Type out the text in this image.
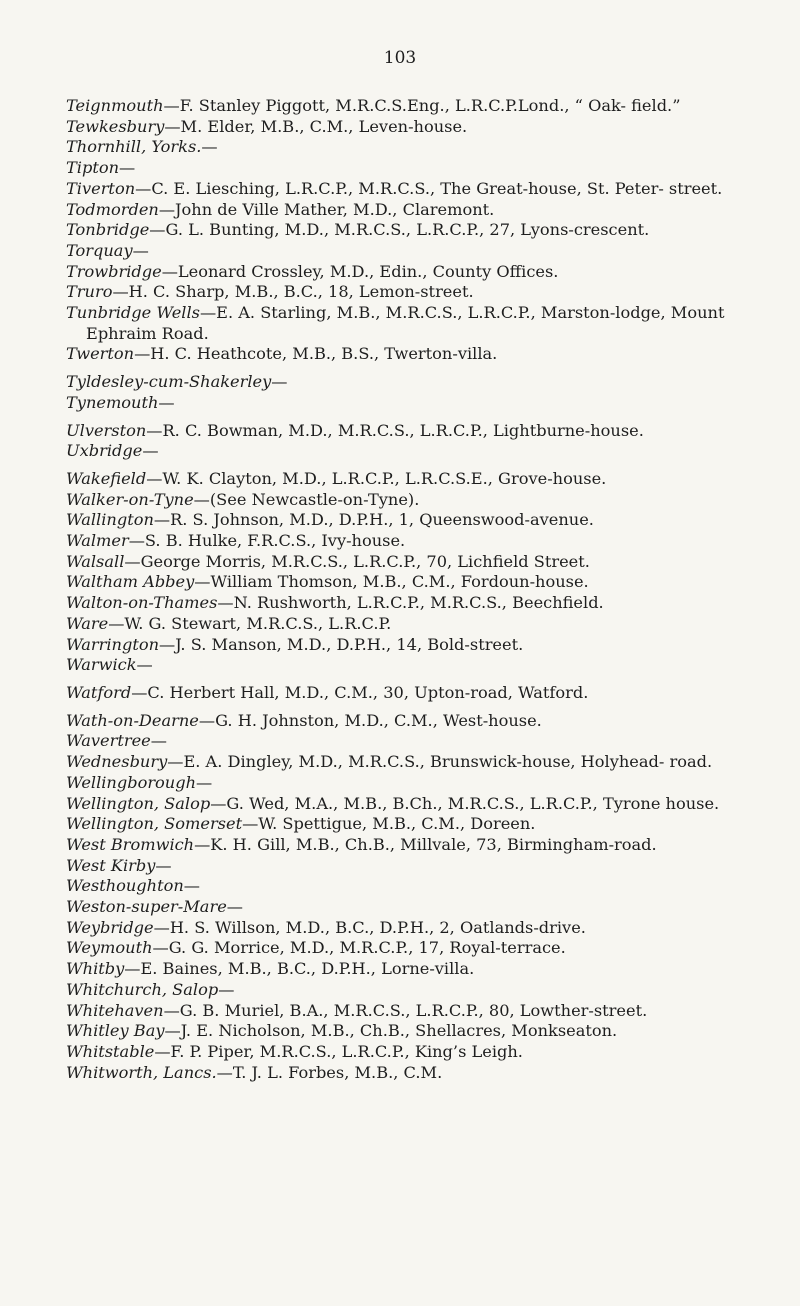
103
Teignmouth—F. Stanley Piggott, M.R.C.S.Eng., L.R.C.P.Lond., “ Oak- field.”
Tewkesbury—M. Elder, M.B., C.M., Leven-house.
Thornhill, Yorks.—
Tipton—
Tiverton—C. E. Liesching, L.R.C.P., M.R.C.S., The Great-house, St. Peter- street.
Todmorden—John de Ville Mather, M.D., Claremont.
Tonbridge—G. L. Bunting, M.D., M.R.C.S., L.R.C.P., 27, Lyons-crescent.
Torquay—
Trowbridge—Leonard Crossley, M.D., Edin., County Offices.
Truro—H. C. Sharp, M.B., B.C., 18, Lemon-street.
Tunbridge Wells—E. A. Starling, M.B., M.R.C.S., L.R.C.P., Marston-lodge, Mount Ephraim Road.
Twerton—H. C. Heathcote, M.B., B.S., Twerton-villa.
Tyldesley-cum-Shakerley—
Tynemouth—
Ulverston—R. C. Bowman, M.D., M.R.C.S., L.R.C.P., Lightburne-house.
Uxbridge—
Wakefield—W. K. Clayton, M.D., L.R.C.P., L.R.C.S.E., Grove-house.
Walker-on-Tyne—(See Newcastle-on-Tyne).
Wallington—R. S. Johnson, M.D., D.P.H., 1, Queenswood-avenue.
Walmer—S. B. Hulke, F.R.C.S., Ivy-house.
Walsall—George Morris, M.R.C.S., L.R.C.P., 70, Lichfield Street.
Waltham Abbey—William Thomson, M.B., C.M., Fordoun-house.
Walton-on-Thames—N. Rushworth, L.R.C.P., M.R.C.S., Beechfield.
Ware—W. G. Stewart, M.R.C.S., L.R.C.P.
Warrington—J. S. Manson, M.D., D.P.H., 14, Bold-street.
Warwick—
Watford—C. Herbert Hall, M.D., C.M., 30, Upton-road, Watford.
Wath-on-Dearne—G. H. Johnston, M.D., C.M., West-house.
Wavertree—
Wednesbury—E. A. Dingley, M.D., M.R.C.S., Brunswick-house, Holyhead- road.
Wellingborough—
Wellington, Salop—G. Wed, M.A., M.B., B.Ch., M.R.C.S., L.R.C.P., Tyrone house.
Wellington, Somerset—W. Spettigue, M.B., C.M., Doreen.
West Bromwich—K. H. Gill, M.B., Ch.B., Millvale, 73, Birmingham-road.
West Kirby—
Westhoughton—
Weston-super-Mare—
Weybridge—H. S. Willson, M.D., B.C., D.P.H., 2, Oatlands-drive.
Weymouth—G. G. Morrice, M.D., M.R.C.P., 17, Royal-terrace.
Whitby—E. Baines, M.B., B.C., D.P.H., Lorne-villa.
Whitchurch, Salop—
Whitehaven—G. B. Muriel, B.A., M.R.C.S., L.R.C.P., 80, Lowther-street.
Whitley Bay—J. E. Nicholson, M.B., Ch.B., Shellacres, Monkseaton.
Whitstable—F. P. Piper, M.R.C.S., L.R.C.P., King’s Leigh.
Whitworth, Lancs.—T. J. L. Forbes, M.B., C.M.
